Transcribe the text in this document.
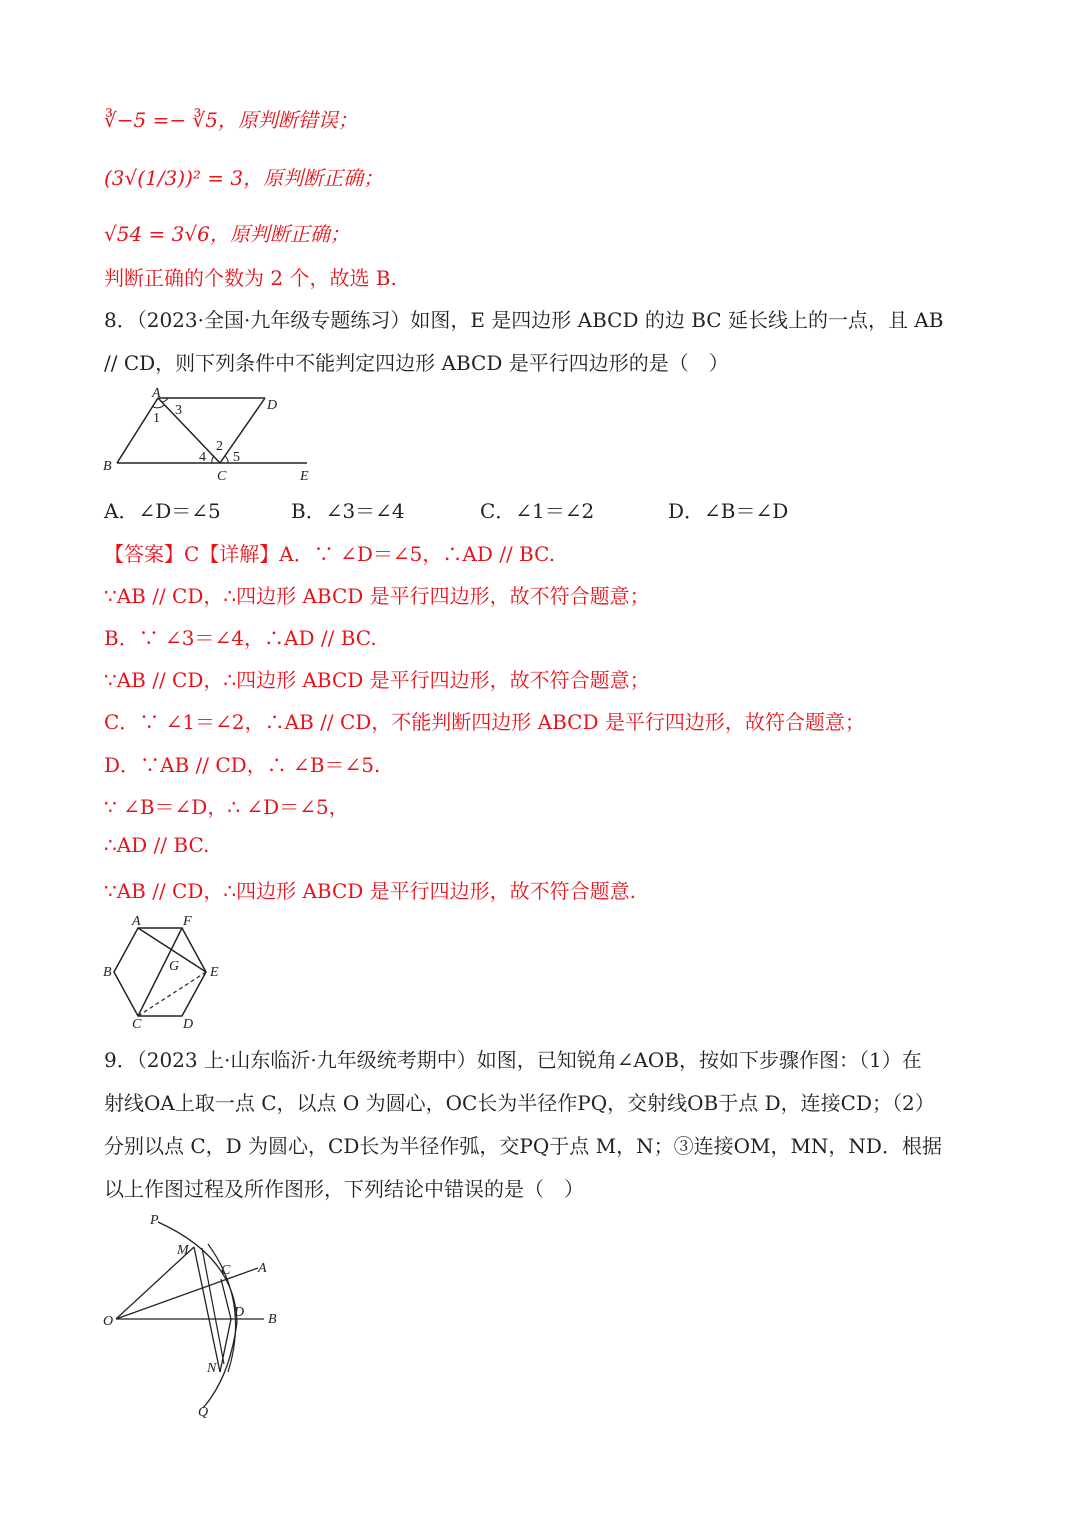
∛−5 =− ∛5，原判断错误；
(3√(1/3))² = 3，原判断正确；
√54 = 3√6，原判断正确；
判断正确的个数为 2 个，故选 B.
8．（2023·全国·九年级专题练习）如图，E 是四边形 ABCD 的边 BC 延长线上的一点，且 AB
// CD，则下列条件中不能判定四边形 ABCD 是平行四边形的是（　）
A
D
B
C	E
1
3
2
4 5
A．∠D＝∠5	B．∠3＝∠4	C．∠1＝∠2	D．∠B＝∠D
【答案】C【详解】A．∵ ∠D＝∠5，∴AD // BC.
∵AB // CD，∴四边形 ABCD 是平行四边形，故不符合题意；
B．∵ ∠3＝∠4，∴AD // BC.
∵AB // CD，∴四边形 ABCD 是平行四边形，故不符合题意；
C．∵ ∠1＝∠2，∴AB // CD，不能判断四边形 ABCD 是平行四边形，故符合题意；
D．∵AB // CD，∴ ∠B＝∠5.
∵ ∠B＝∠D，∴ ∠D＝∠5，
∴AD // BC.
∵AB // CD，∴四边形 ABCD 是平行四边形，故不符合题意.
A	F
B	G E
C	D
9．（2023 上·山东临沂·九年级统考期中）如图，已知锐角∠AOB，按如下步骤作图：（1）在
射线OA上取一点 C，以点 O 为圆心，OC长为半径作PQ，交射线OB于点 D，连接CD；（2）
分别以点 C，D 为圆心，CD长为半径作弧，交PQ于点 M，N；③连接OM，MN，ND．根据
以上作图过程及所作图形，下列结论中错误的是（　）
P
M
C A
O
D B
N
Q
